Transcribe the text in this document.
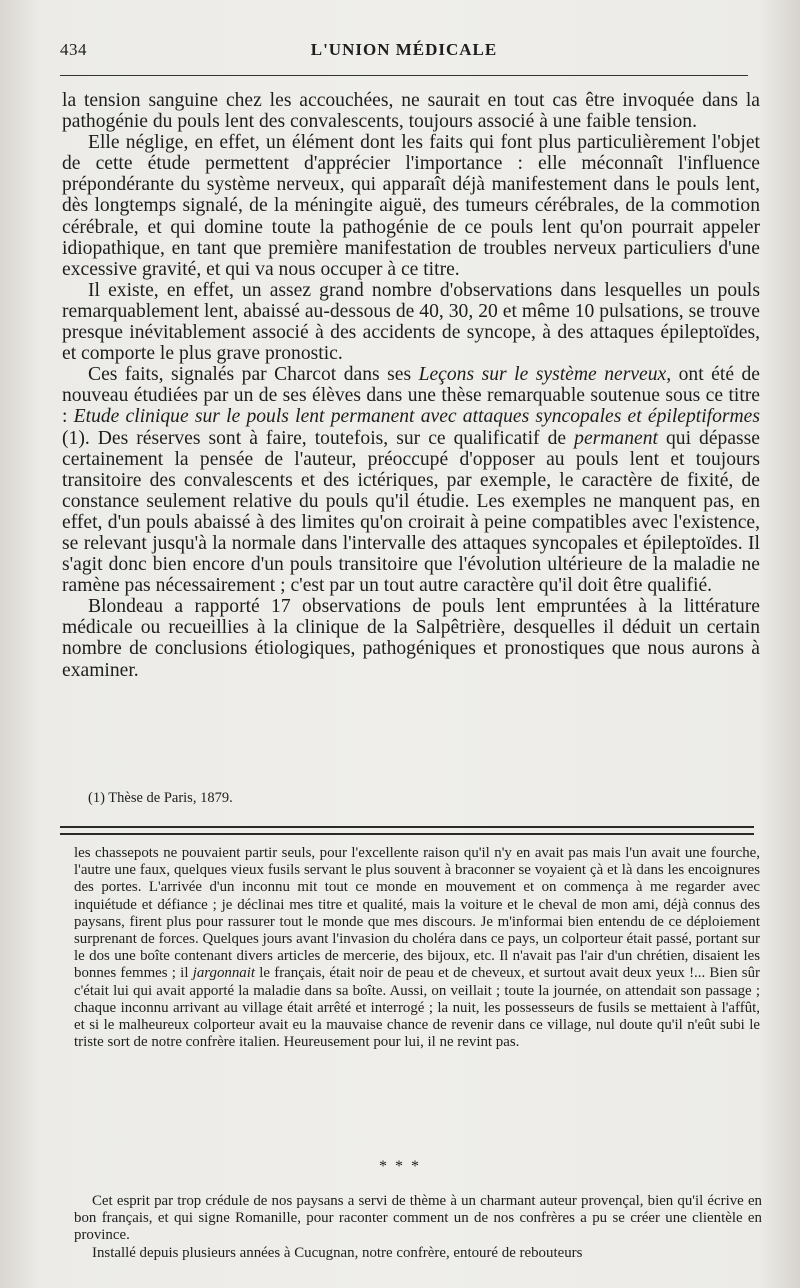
434	L'UNION MÉDICALE

la tension sanguine chez les accouchées, ne saurait en tout cas être invoquée dans la pathogénie du pouls lent des convalescents, toujours associé à une faible tension.

Elle néglige, en effet, un élément dont les faits qui font plus particulièrement l'objet de cette étude permettent d'apprécier l'importance : elle méconnaît l'influence prépondérante du système nerveux, qui apparaît déjà manifestement dans le pouls lent, dès longtemps signalé, de la méningite aiguë, des tumeurs cérébrales, de la commotion cérébrale, et qui domine toute la pathogénie de ce pouls lent qu'on pourrait appeler idiopathique, en tant que première manifestation de troubles nerveux particuliers d'une excessive gravité, et qui va nous occuper à ce titre.

Il existe, en effet, un assez grand nombre d'observations dans lesquelles un pouls remarquablement lent, abaissé au-dessous de 40, 30, 20 et même 10 pulsations, se trouve presque inévitablement associé à des accidents de syncope, à des attaques épileptoïdes, et comporte le plus grave pronostic.

Ces faits, signalés par Charcot dans ses Leçons sur le système nerveux, ont été de nouveau étudiées par un de ses élèves dans une thèse remarquable soutenue sous ce titre : Etude clinique sur le pouls lent permanent avec attaques syncopales et épileptiformes (1). Des réserves sont à faire, toutefois, sur ce qualificatif de permanent qui dépasse certainement la pensée de l'auteur, préoccupé d'opposer au pouls lent et toujours transitoire des convalescents et des ictériques, par exemple, le caractère de fixité, de constance seulement relative du pouls qu'il étudie. Les exemples ne manquent pas, en effet, d'un pouls abaissé à des limites qu'on croirait à peine compatibles avec l'existence, se relevant jusqu'à la normale dans l'intervalle des attaques syncopales et épileptoïdes. Il s'agit donc bien encore d'un pouls transitoire que l'évolution ultérieure de la maladie ne ramène pas nécessairement ; c'est par un tout autre caractère qu'il doit être qualifié.

Blondeau a rapporté 17 observations de pouls lent empruntées à la littérature médicale ou recueillies à la clinique de la Salpêtrière, desquelles il déduit un certain nombre de conclusions étiologiques, pathogéniques et pronostiques que nous aurons à examiner.

(1) Thèse de Paris, 1879.

les chassepots ne pouvaient partir seuls, pour l'excellente raison qu'il n'y en avait pas mais l'un avait une fourche, l'autre une faux, quelques vieux fusils servant le plus souvent à braconner se voyaient çà et là dans les encoignures des portes. L'arrivée d'un inconnu mit tout ce monde en mouvement et on commença à me regarder avec inquiétude et défiance ; je déclinai mes titre et qualité, mais la voiture et le cheval de mon ami, déjà connus des paysans, firent plus pour rassurer tout le monde que mes discours. Je m'informai bien entendu de ce déploiement surprenant de forces. Quelques jours avant l'invasion du choléra dans ce pays, un colporteur était passé, portant sur le dos une boîte contenant divers articles de mercerie, des bijoux, etc. Il n'avait pas l'air d'un chrétien, disaient les bonnes femmes ; il jargonnait le français, était noir de peau et de cheveux, et surtout avait deux yeux !... Bien sûr c'était lui qui avait apporté la maladie dans sa boîte. Aussi, on veillait ; toute la journée, on attendait son passage ; chaque inconnu arrivant au village était arrêté et interrogé ; la nuit, les possesseurs de fusils se mettaient à l'affût, et si le malheureux colporteur avait eu la mauvaise chance de revenir dans ce village, nul doute qu'il n'eût subi le triste sort de notre confrère italien. Heureusement pour lui, il ne revint pas.

* * *

Cet esprit par trop crédule de nos paysans a servi de thème à un charmant auteur provençal, bien qu'il écrive en bon français, et qui signe Romanille, pour raconter comment un de nos confrères a pu se créer une clientèle en province.

Installé depuis plusieurs années à Cucugnan, notre confrère, entouré de rebouteurs
